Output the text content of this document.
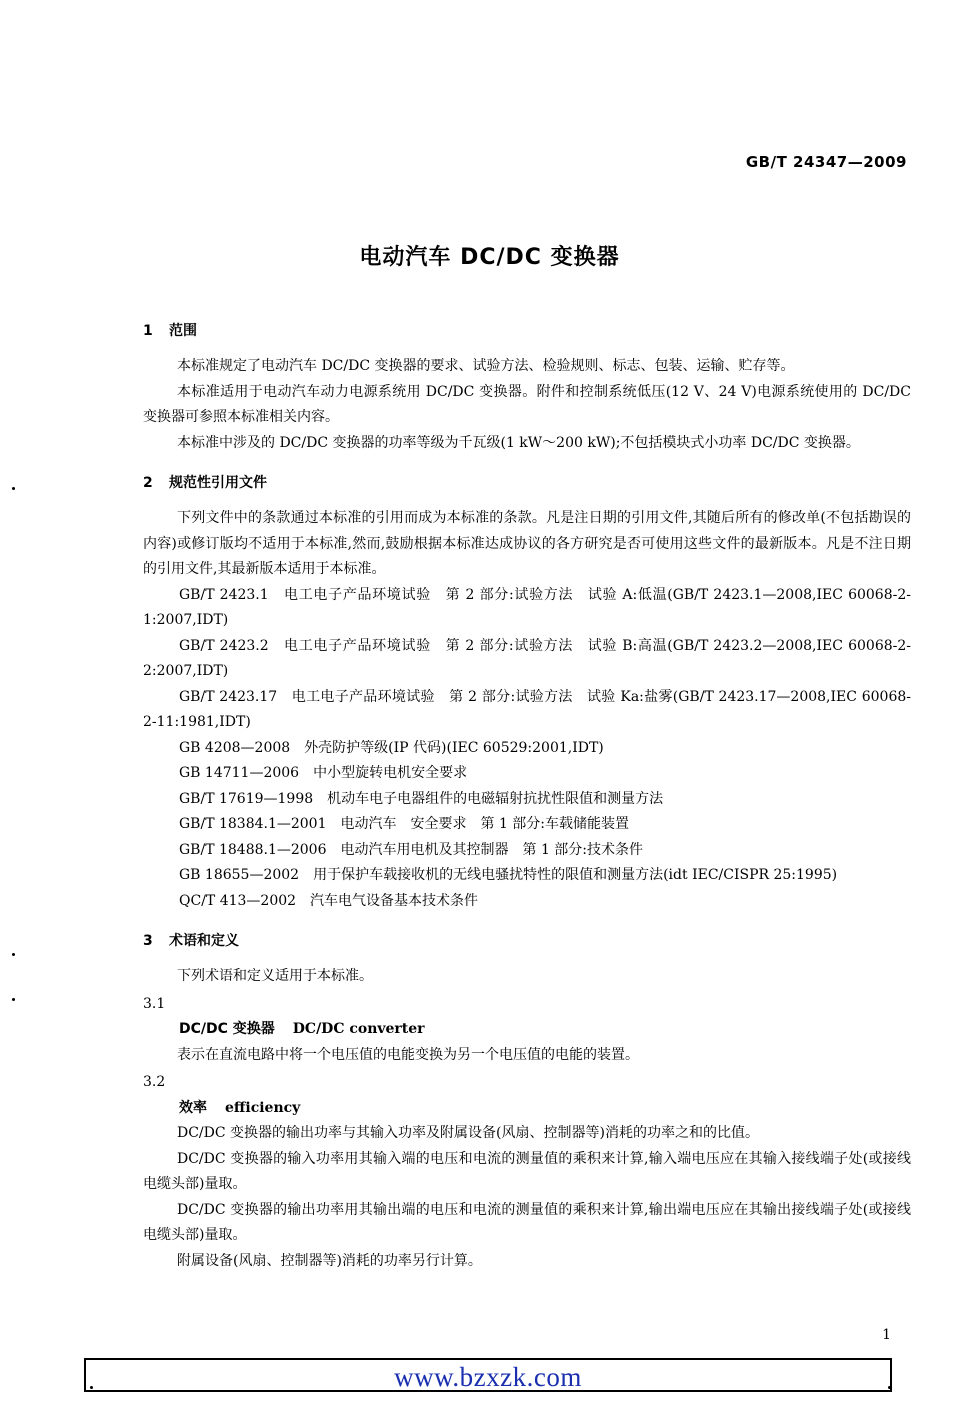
GB/T 24347—2009
电动汽车 DC/DC 变换器

1 范围

本标准规定了电动汽车 DC/DC 变换器的要求、试验方法、检验规则、标志、包装、运输、贮存等。

本标准适用于电动汽车动力电源系统用 DC/DC 变换器。附件和控制系统低压(12 V、24 V)电源系统使用的 DC/DC 变换器可参照本标准相关内容。

本标准中涉及的 DC/DC 变换器的功率等级为千瓦级(1 kW～200 kW);不包括模块式小功率 DC/DC 变换器。

2 规范性引用文件

下列文件中的条款通过本标准的引用而成为本标准的条款。凡是注日期的引用文件,其随后所有的修改单(不包括勘误的内容)或修订版均不适用于本标准,然而,鼓励根据本标准达成协议的各方研究是否可使用这些文件的最新版本。凡是不注日期的引用文件,其最新版本适用于本标准。

GB/T 2423.1　电工电子产品环境试验　第 2 部分:试验方法　试验 A:低温(GB/T 2423.1—2008,IEC 60068-2-1:2007,IDT)

GB/T 2423.2　电工电子产品环境试验　第 2 部分:试验方法　试验 B:高温(GB/T 2423.2—2008,IEC 60068-2-2:2007,IDT)

GB/T 2423.17　电工电子产品环境试验　第 2 部分:试验方法　试验 Ka:盐雾(GB/T 2423.17—2008,IEC 60068-2-11:1981,IDT)

GB 4208—2008　外壳防护等级(IP 代码)(IEC 60529:2001,IDT)

GB 14711—2006　中小型旋转电机安全要求

GB/T 17619—1998　机动车电子电器组件的电磁辐射抗扰性限值和测量方法

GB/T 18384.1—2001　电动汽车　安全要求　第 1 部分:车载储能装置

GB/T 18488.1—2006　电动汽车用电机及其控制器　第 1 部分:技术条件

GB 18655—2002　用于保护车载接收机的无线电骚扰特性的限值和测量方法(idt IEC/CISPR 25:1995)

QC/T 413—2002　汽车电气设备基本技术条件

3 术语和定义

下列术语和定义适用于本标准。

3.1

DC/DC 变换器 DC/DC converter

表示在直流电路中将一个电压值的电能变换为另一个电压值的电能的装置。

3.2

效率 efficiency

DC/DC 变换器的输出功率与其输入功率及附属设备(风扇、控制器等)消耗的功率之和的比值。

DC/DC 变换器的输入功率用其输入端的电压和电流的测量值的乘积来计算,输入端电压应在其输入接线端子处(或接线电缆头部)量取。

DC/DC 变换器的输出功率用其输出端的电压和电流的测量值的乘积来计算,输出端电压应在其输出接线端子处(或接线电缆头部)量取。

附属设备(风扇、控制器等)消耗的功率另行计算。

1
www.bzxzk.com
